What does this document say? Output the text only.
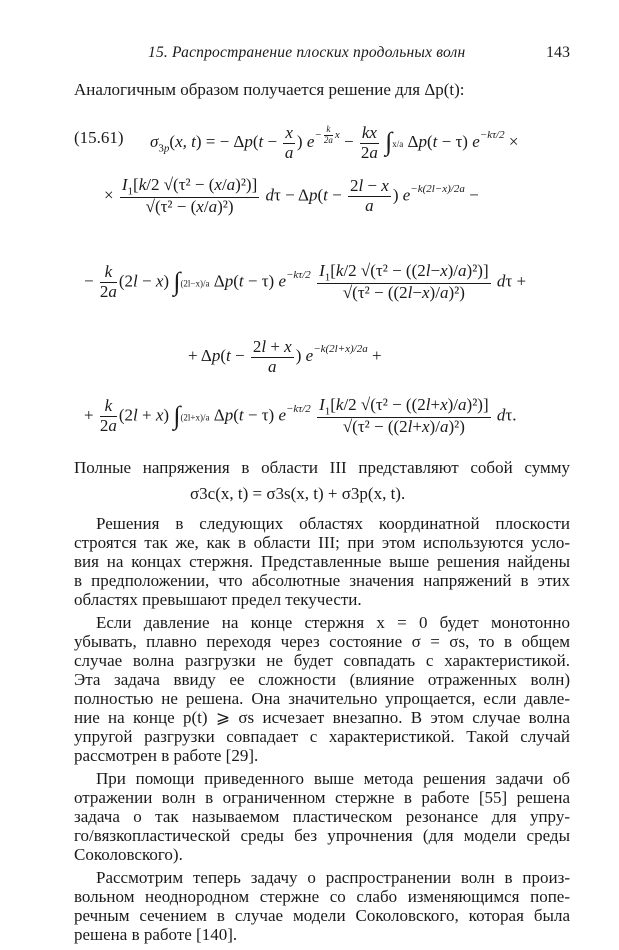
15. Распространение плоских продольных волн	143
Аналогичным образом получается решение для Δp(t):
(15.61) $\sigma_{3p}(x$, t) = − $\Delta p(t - \frac{x}{a}$ ) $e^{- \frac{k}{2a} x} - \frac{kx}{2a} \int x/a$ Δp(t − τ) $e^{-k\tau/2}$ ×
× $\frac{I_1[k/2 √(\tau^2 - (x/a)^2)]}{\text{√(τ² − (x/a)²)}}$ $d\tau - \Delta p(t - \frac{2l - x}{a}$ ) $e^{-k(2l-x)/2a}$ −
− $\frac{k}{2a} (2l - x)$ ∫(2l−x)/a Δp(t − τ) $e^{-k\tau/2} \frac{I_1[k/2 √(\tau^2 - ((2l-x)/a)^2)]}{\text{√(τ² − ((2l−x)/a)²)}}$ dτ +
+ $\Delta p(t - \frac{2l + x}{a}$ ) $e^{-k(2l+x)/2a}$ +
+ $\frac{k}{2a} (2l + x)$ ∫(2l+x)/a Δp(t − τ) $e^{-k\tau/2} \frac{I_1[k/2 √(\tau^2 - ((2l+x)/a)^2)]}{\text{√(τ² − ((2l+x)/a)²)}} d\tau$.
Полные напряжения в области III представляют собой сумму
σ3c(x, t) = σ3s(x, t) + σ3p(x, t).
Решения в следующих областях координатной плоскости
строятся так же, как в области III; при этом используются усло-
вия на концах стержня. Представленные выше решения найдены
в предположении, что абсолютные значения напряжений в этих
областях превышают предел текучести.
Если давление на конце стержня x = 0 будет монотонно
убывать, плавно переходя через состояние σ = σs, то в общем
случае волна разгрузки не будет совпадать с характеристикой.
Эта задача ввиду ее сложности (влияние отраженных волн)
полностью не решена. Она значительно упрощается, если давле-
ние на конце p(t) ⩾ σs исчезает внезапно. В этом случае волна
упругой разгрузки совпадает с характеристикой. Такой случай
рассмотрен в работе [29].
При помощи приведенного выше метода решения задачи об
отражении волн в ограниченном стержне в работе [55] решена
задача о так называемом пластическом резонансе для упру-
го/вязкопластической среды без упрочнения (для модели среды
Соколовского).
Рассмотрим теперь задачу о распространении волн в произ-
вольном неоднородном стержне со слабо изменяющимся попе-
речным сечением в случае модели Соколовского, которая была
решена в работе [140].
